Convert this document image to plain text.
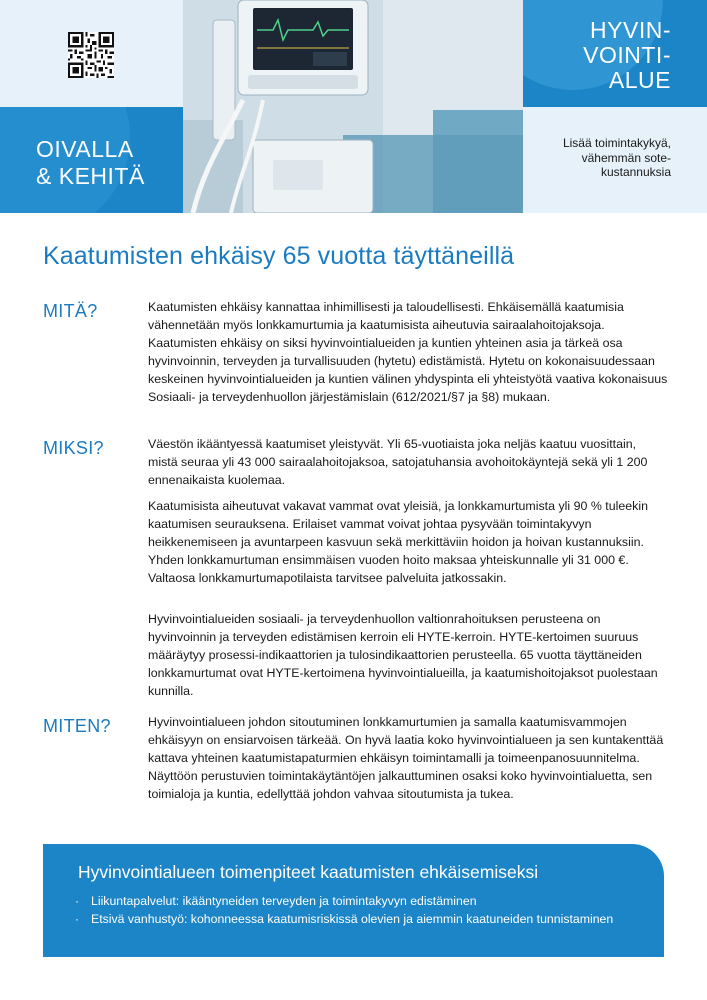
OIVALLA
& KEHITÄ
HYVIN-
VOINTI-
ALUE
Lisää toimintakykyä, vähemmän sote-kustannuksia
Kaatumisten ehkäisy 65 vuotta täyttäneillä
MITÄ?	Kaatumisten ehkäisy kannattaa inhimillisesti ja taloudellisesti. Ehkäisemällä kaatumisia vähennetään myös lonkkamurtumia ja kaatumisista aiheutuvia sairaalahoitojaksoja. Kaatumisten ehkäisy on siksi hyvinvointialueiden ja kuntien yhteinen asia ja tärkeä osa hyvinvoinnin, terveyden ja turvallisuuden (hytetu) edistämistä. Hytetu on kokonaisuudessaan keskeinen hyvinvointialueiden ja kuntien välinen yhdyspinta eli yhteistyötä vaativa kokonaisuus Sosiaali- ja terveydenhuollon järjestämislain (612/2021/§7 ja §8) mukaan.

MIKSI?	Väestön ikääntyessä kaatumiset yleistyvät. Yli 65-vuotiaista joka neljäs kaatuu vuosittain, mistä seuraa yli 43 000 sairaalahoitojaksoa, satojatuhansia avohoitokäyntejä sekä yli 1 200 ennenaikaista kuolemaa.

Kaatumisista aiheutuvat vakavat vammat ovat yleisiä, ja lonkkamurtumista yli 90 % tuleekin kaatumisen seurauksena. Erilaiset vammat voivat johtaa pysyvään toimintakyvyn heikkenemiseen ja avuntarpeen kasvuun sekä merkittäviin hoidon ja hoivan kustannuksiin. Yhden lonkkamurtuman ensimmäisen vuoden hoito maksaa yhteiskunnalle yli 31 000 €. Valtaosa lonkkamurtumapotilaista tarvitsee palveluita jatkossakin.

Hyvinvointialueiden sosiaali- ja terveydenhuollon valtionrahoituksen perusteena on hyvinvoinnin ja terveyden edistämisen kerroin eli HYTE-kerroin. HYTE-kertoimen suuruus määräytyy prosessi-indikaattorien ja tulosindikaattorien perusteella. 65 vuotta täyttäneiden lonkkamurtumat ovat HYTE-kertoimena hyvinvointialueilla, ja kaatumishoitojaksot puolestaan kunnilla.

MITEN?	Hyvinvointialueen johdon sitoutuminen lonkkamurtumien ja samalla kaatumisvammojen ehkäisyyn on ensiarvoisen tärkeää. On hyvä laatia koko hyvinvointialueen ja sen kuntakenttää kattava yhteinen kaatumistapaturmien ehkäisyn toimintamalli ja toimeenpanosuunnitelma. Näyttöön perustuvien toimintakäytäntöjen jalkauttuminen osaksi koko hyvinvointialuetta, sen toimialoja ja kuntia, edellyttää johdon vahvaa sitoutumista ja tukea.

Hyvinvointialueen toimenpiteet kaatumisten ehkäisemiseksi
· Liikuntapalvelut: ikääntyneiden terveyden ja toimintakyvyn edistäminen
· Etsivä vanhustyö: kohonneessa kaatumisriskissä olevien ja aiemmin kaatuneiden tunnistaminen
